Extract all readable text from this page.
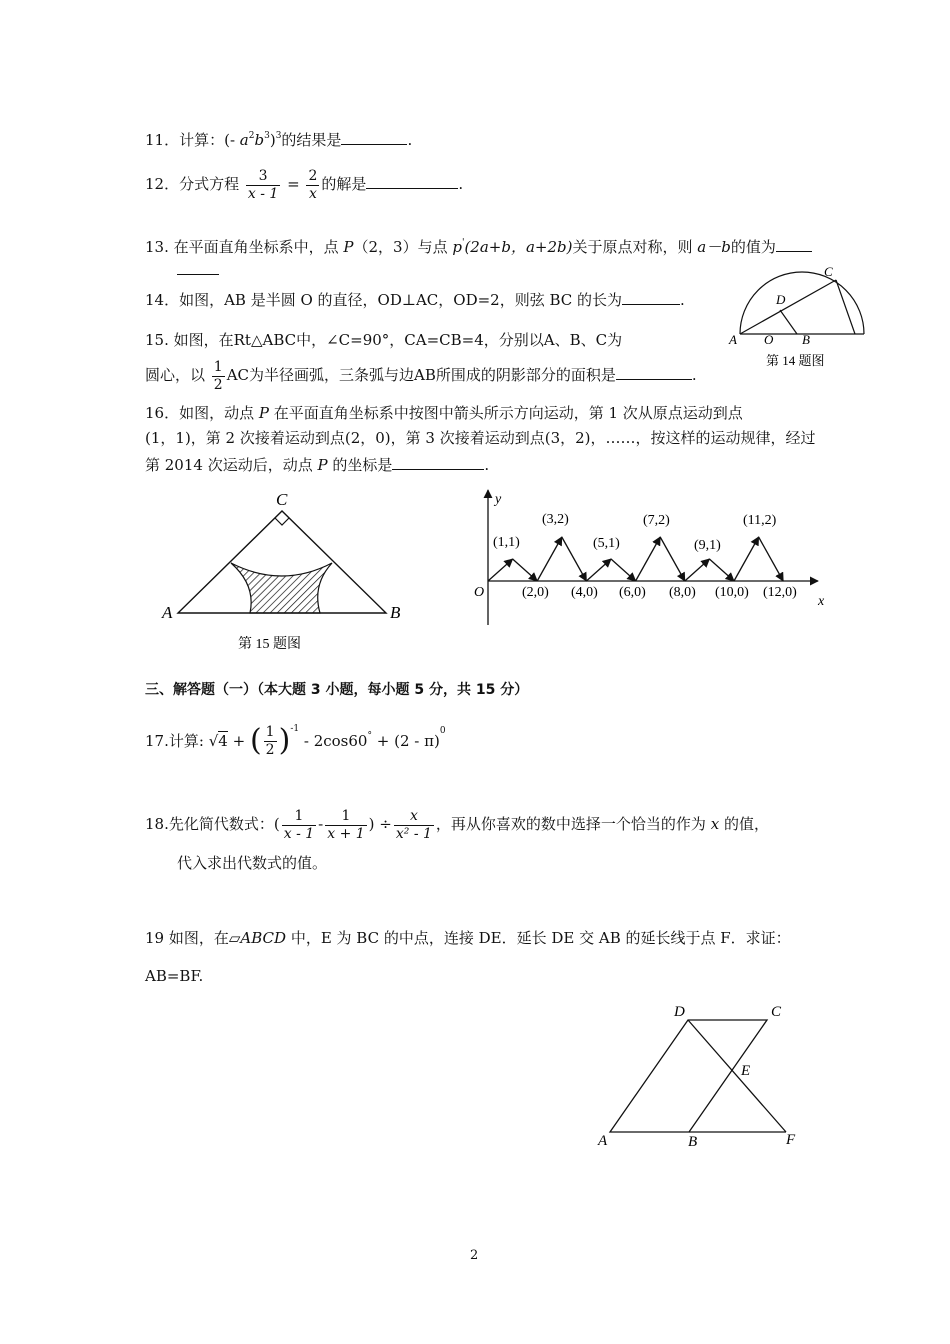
11．计算：(- $a^2b^3)^3$的结果是	.
12．分式方程 $\frac{3}{x - 1} = \frac{2}{x}$ 的解是	.
13. 在平面直角坐标系中，点 P（2，3）与点 p'(2a+b，a+2b)关于原点对称，则 a－b的值为
14．如图，AB 是半圆 O 的直径，OD⊥AC，OD=2，则弦 BC 的长为	.
A O B
C
D
第 14 题图
15. 如图，在Rt△ABC中，∠C=90°，CA=CB=4，分别以A、B、C为
圆心，以 $\frac{1}{2}$ AC为半径画弧，三条弧与边AB所围成的阴影部分的面积是	.
16．如图，动点 P 在平面直角坐标系中按图中箭头所示方向运动，第 1 次从原点运动到点
(1，1)，第 2 次接着运动到点(2，0)，第 3 次接着运动到点(3，2)，……，按这样的运动规律，经过
第 2014 次运动后，动点 P 的坐标是	.
C
A	B
第 15 题图
y
x
O
(1,1)
(3,2)
(5,1)
(7,2)
(9,1)
(11,2)
(2,0) (4,0) (6,0) (8,0) (10,0) (12,0)
三、解答题（一）（本大题 3 小题，每小题 5 分，共 15 分）
17.计算: √4 + ( $\frac{1}{2} )^{-1} - 2\cos 60^\circ + (2 - \pi)^0$
18.先化简代数式：( $\frac{1}{x - 1} - \frac{1}{x + 1}$ ) ÷ $\frac{x}{\text{x² - 1}}$ ，再从你喜欢的数中选择一个恰当的作为 x 的值，
代入求出代数式的值。
19 如图，在▱ABCD 中，E 为 BC 的中点，连接 DE．延长 DE 交 AB 的延长线于点 F．求证：
AB=BF.
D	C
E
A	B	F
2
